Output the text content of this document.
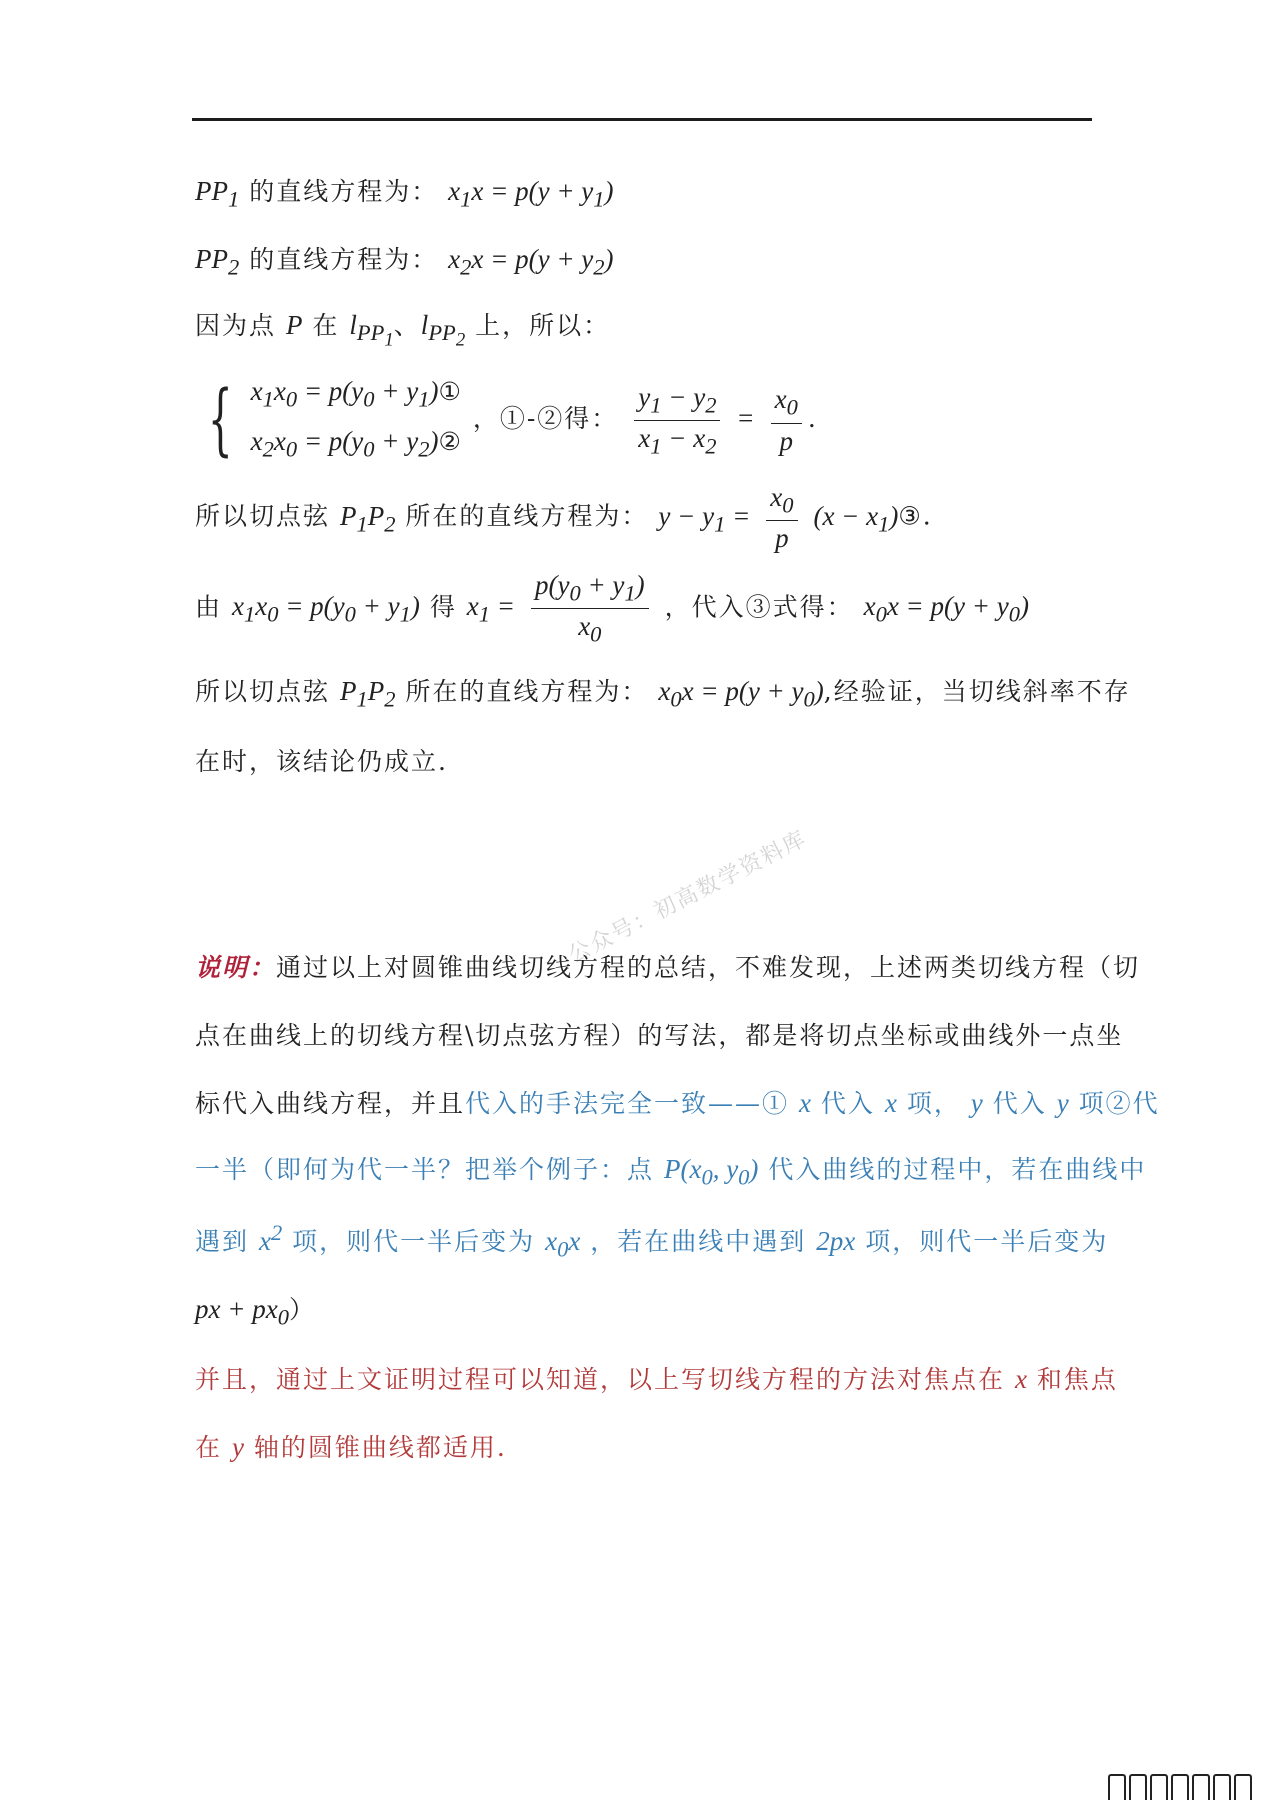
$PP_1$ 的直线方程为： $x_1x = p(y + y_1)$
$PP_2$ 的直线方程为： $x_2x = p(y + y_2)$
因为点 P 在 $l_{PP_1}$、$l_{PP_2}$ 上，所以：
{ $x_1x_0 = p(y_0$ + $y_1)①$
$x_2x_0 = p(y_0$ + $y_2)②$ ，①-②得： $\frac{y_1 - y_2}{x_1 - x_2} = \frac{x_0}{p}$ .
所以切点弦 $P_1P_2$ 所在的直线方程为： $y - y_1 = \frac{x_0}{p} (x$ − $x_1)③$.
由 $x_1x_0 = p(y_0 + y_1)$ 得 $x_1 = \frac{p(y_0 + y_1)}{x_0}$ ，代入③式得： $x_0x = p(y + y_0)$
所以切点弦 $P_1P_2$ 所在的直线方程为： $x_0x = p(y + y_0)$,经验证，当切线斜率不存
在时，该结论仍成立.
公众号：初高数学资料库
说明：通过以上对圆锥曲线切线方程的总结，不难发现，上述两类切线方程（切
点在曲线上的切线方程\切点弦方程）的写法，都是将切点坐标或曲线外一点坐
标代入曲线方程，并且代入的手法完全一致——① x 代入 x 项， y 代入 y 项②代
一半（即何为代一半？把举个例子：点 $P(x_0$, $y_0$) 代入曲线的过程中，若在曲线中
遇到 $x^2$ 项，则代一半后变为 $x_0x$ ，若在曲线中遇到 2px 项，则代一半后变为
px + $px_0$）
并且，通过上文证明过程可以知道，以上写切线方程的方法对焦点在 x 和焦点
在 y 轴的圆锥曲线都适用.
